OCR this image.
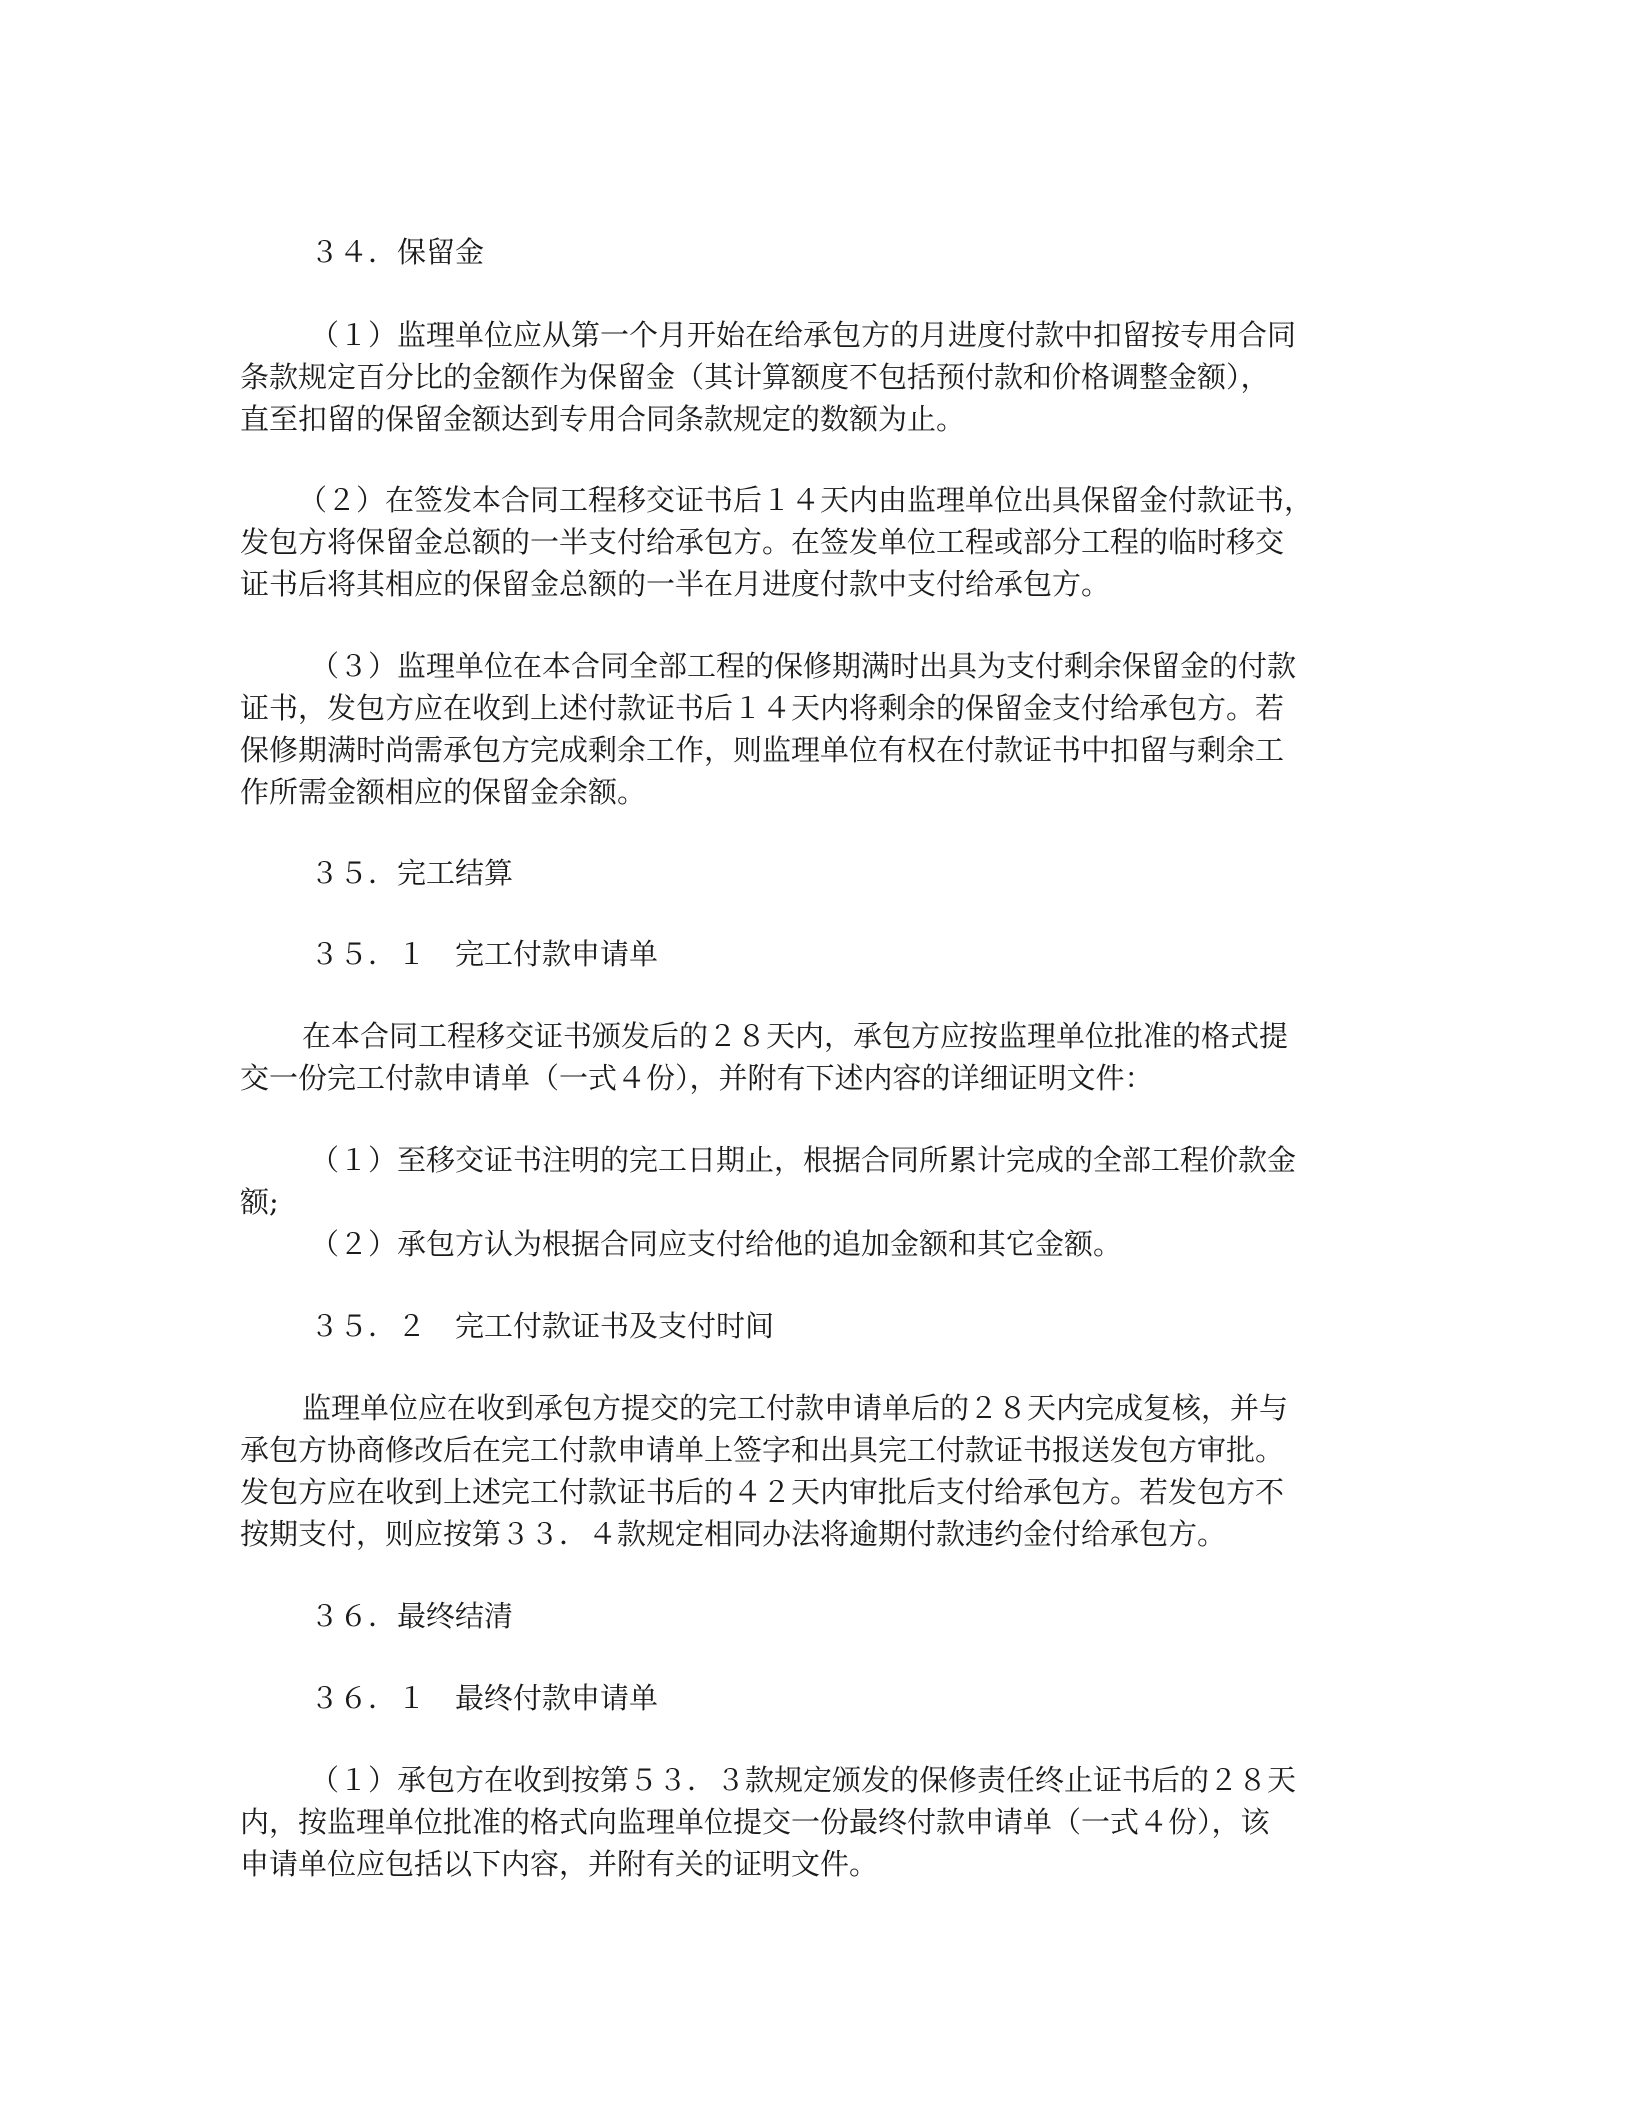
３４．保留金
（１）监理单位应从第一个月开始在给承包方的月进度付款中扣留按专用合同
条款规定百分比的金额作为保留金（其计算额度不包括预付款和价格调整金额），
直至扣留的保留金额达到专用合同条款规定的数额为止。
（２）在签发本合同工程移交证书后１４天内由监理单位出具保留金付款证书，
发包方将保留金总额的一半支付给承包方。在签发单位工程或部分工程的临时移交
证书后将其相应的保留金总额的一半在月进度付款中支付给承包方。
（３）监理单位在本合同全部工程的保修期满时出具为支付剩余保留金的付款
证书，发包方应在收到上述付款证书后１４天内将剩余的保留金支付给承包方。若
保修期满时尚需承包方完成剩余工作，则监理单位有权在付款证书中扣留与剩余工
作所需金额相应的保留金余额。
３５．完工结算
３５．１　完工付款申请单
在本合同工程移交证书颁发后的２８天内，承包方应按监理单位批准的格式提
交一份完工付款申请单（一式４份），并附有下述内容的详细证明文件：
（１）至移交证书注明的完工日期止，根据合同所累计完成的全部工程价款金
额;
（２）承包方认为根据合同应支付给他的追加金额和其它金额。
３５．２　完工付款证书及支付时间
监理单位应在收到承包方提交的完工付款申请单后的２８天内完成复核，并与
承包方协商修改后在完工付款申请单上签字和出具完工付款证书报送发包方审批。
发包方应在收到上述完工付款证书后的４２天内审批后支付给承包方。若发包方不
按期支付，则应按第３３．４款规定相同办法将逾期付款违约金付给承包方。
３６．最终结清
３６．１　最终付款申请单
（１）承包方在收到按第５３．３款规定颁发的保修责任终止证书后的２８天
内，按监理单位批准的格式向监理单位提交一份最终付款申请单（一式４份），该
申请单位应包括以下内容，并附有关的证明文件。
